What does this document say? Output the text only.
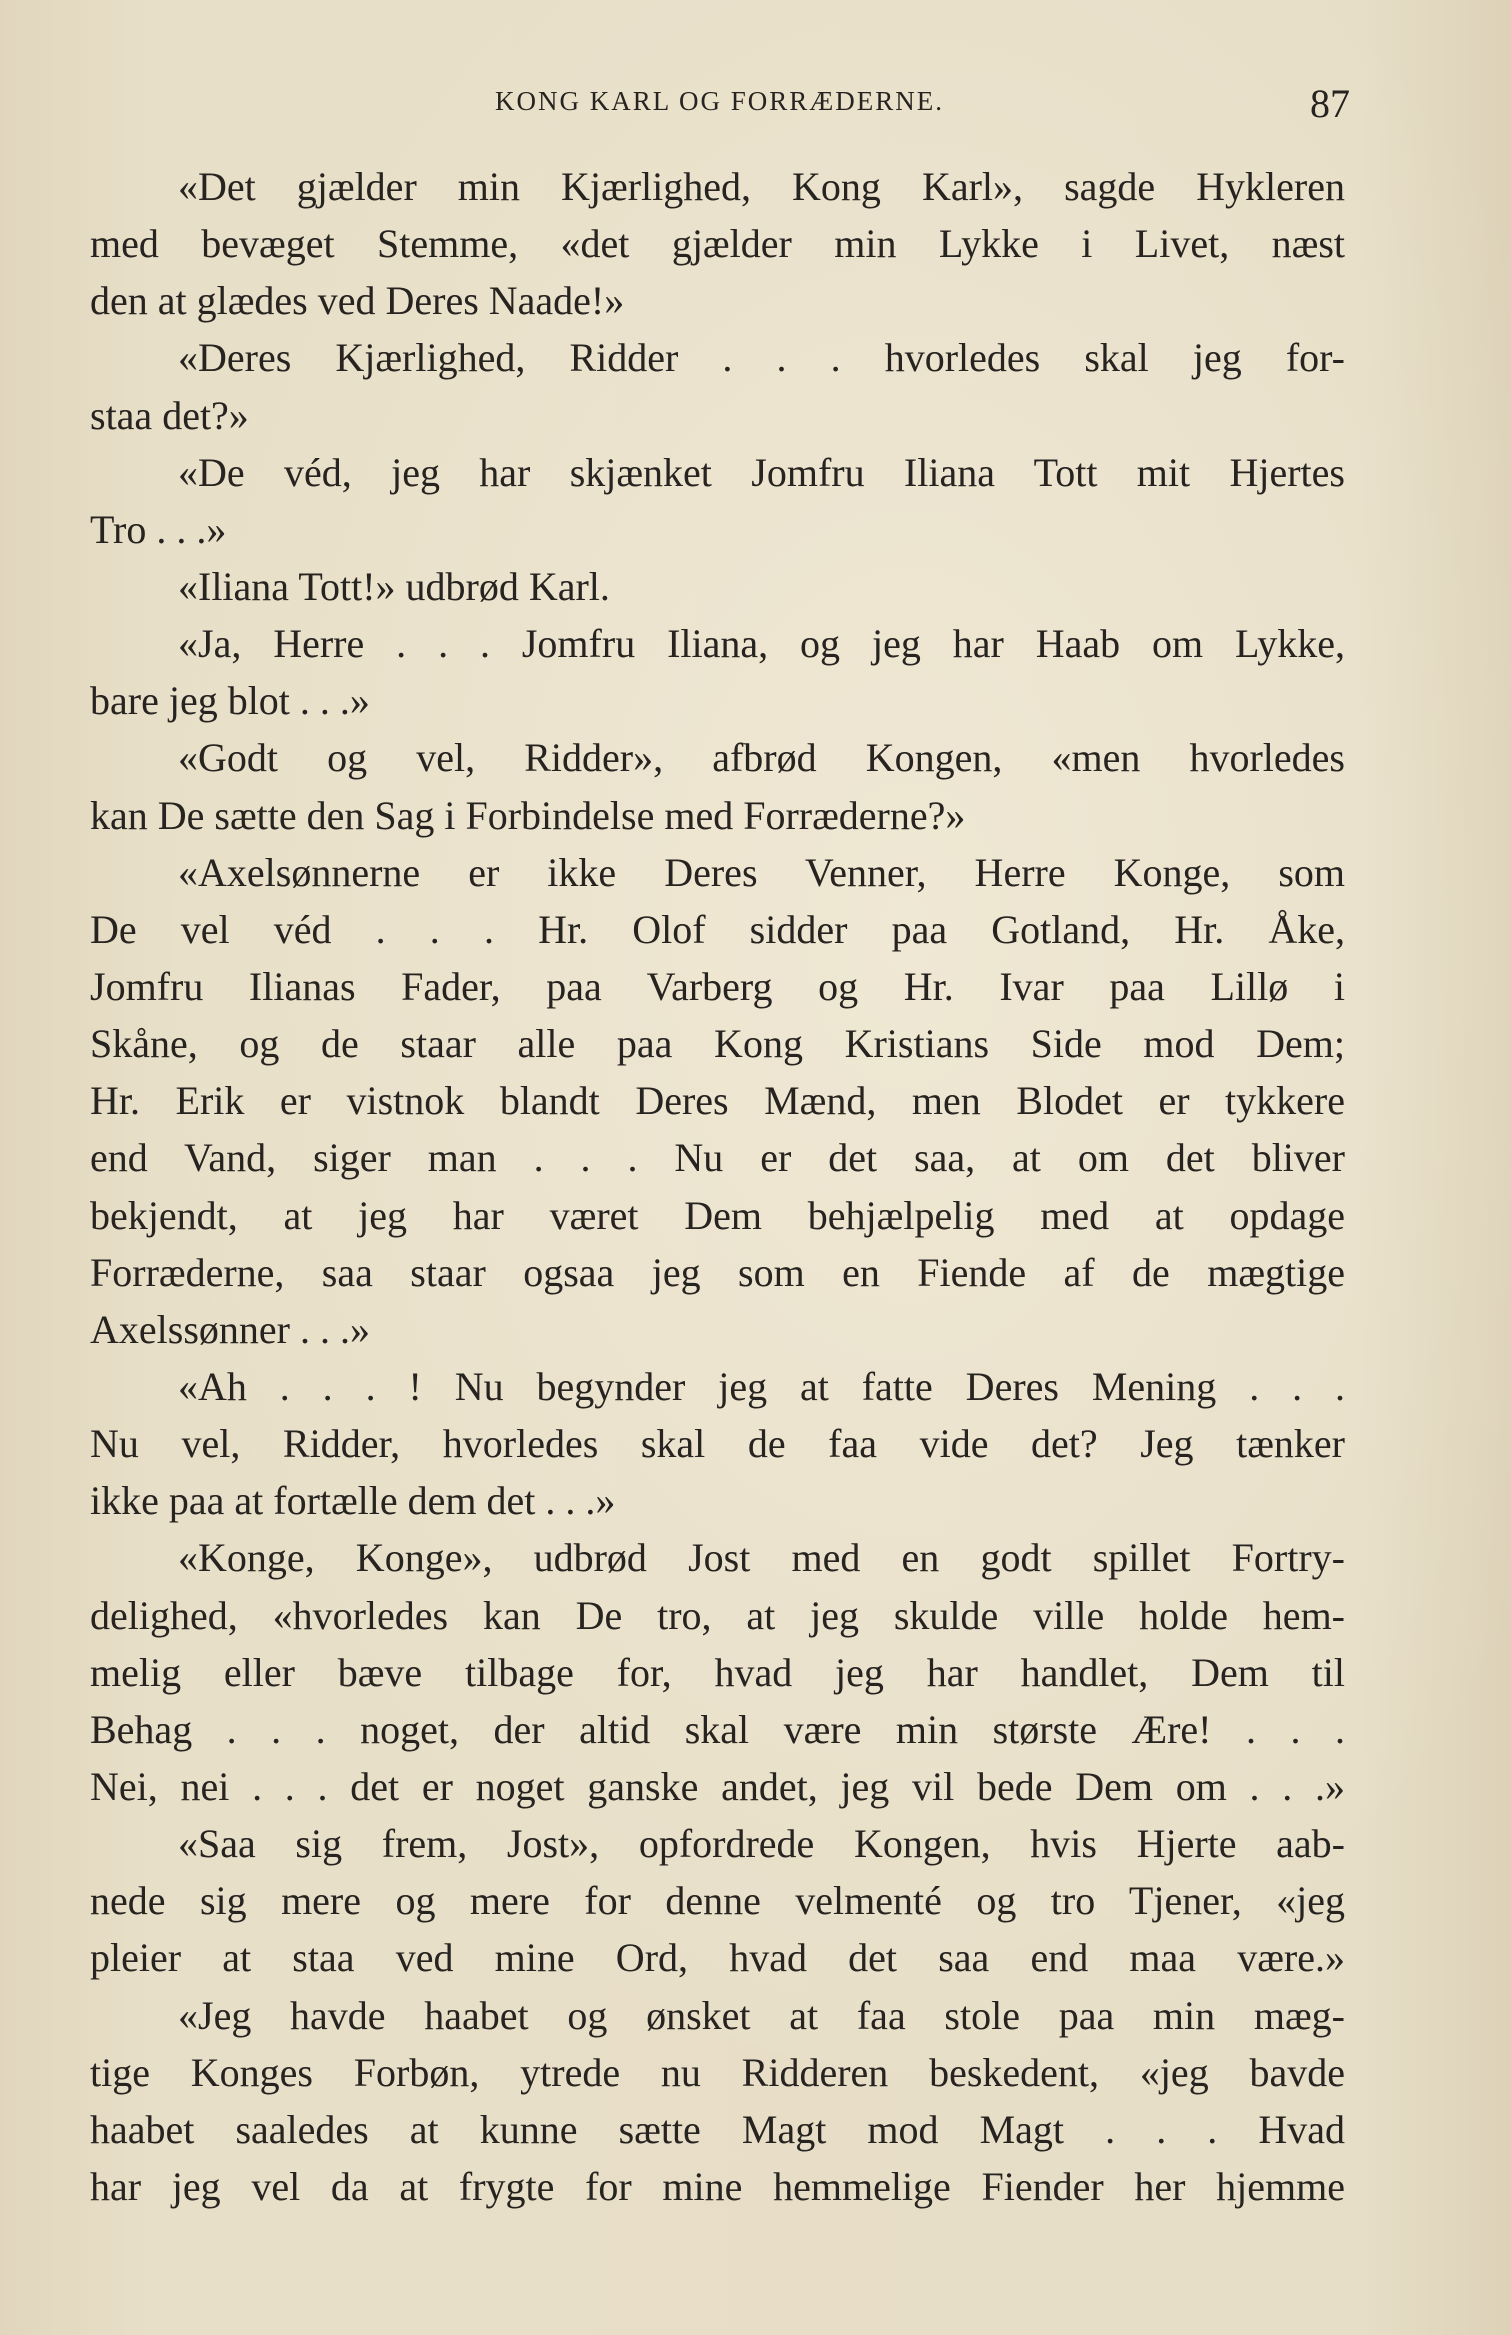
KONG KARL OG FORRÆDERNE.	87
«Det gjælder min Kjærlighed, Kong Karl», sagde Hykleren
med bevæget Stemme, «det gjælder min Lykke i Livet, næst
den at glædes ved Deres Naade!»
«Deres Kjærlighed, Ridder . . . hvorledes skal jeg for-
staa det?»
«De véd, jeg har skjænket Jomfru Iliana Tott mit Hjertes
Tro . . .»
«Iliana Tott!» udbrød Karl.
«Ja, Herre . . . Jomfru Iliana, og jeg har Haab om Lykke,
bare jeg blot . . .»
«Godt og vel, Ridder», afbrød Kongen, «men hvorledes
kan De sætte den Sag i Forbindelse med Forræderne?»
«Axelsønnerne er ikke Deres Venner, Herre Konge, som
De vel véd . . . Hr. Olof sidder paa Gotland, Hr. Åke,
Jomfru Ilianas Fader, paa Varberg og Hr. Ivar paa Lillø i
Skåne, og de staar alle paa Kong Kristians Side mod Dem;
Hr. Erik er vistnok blandt Deres Mænd, men Blodet er tykkere
end Vand, siger man . . . Nu er det saa, at om det bliver
bekjendt, at jeg har været Dem behjælpelig med at opdage
Forræderne, saa staar ogsaa jeg som en Fiende af de mægtige
Axelssønner . . .»
«Ah . . . ! Nu begynder jeg at fatte Deres Mening . . .
Nu vel, Ridder, hvorledes skal de faa vide det? Jeg tænker
ikke paa at fortælle dem det . . .»
«Konge, Konge», udbrød Jost med en godt spillet Fortry-
delighed, «hvorledes kan De tro, at jeg skulde ville holde hem-
melig eller bæve tilbage for, hvad jeg har handlet, Dem til
Behag . . . noget, der altid skal være min største Ære! . . .
Nei, nei . . . det er noget ganske andet, jeg vil bede Dem om . . .»
«Saa sig frem, Jost», opfordrede Kongen, hvis Hjerte aab-
nede sig mere og mere for denne velmenté og tro Tjener, «jeg
pleier at staa ved mine Ord, hvad det saa end maa være.»
«Jeg havde haabet og ønsket at faa stole paa min mæg-
tige Konges Forbøn, ytrede nu Ridderen beskedent, «jeg bavde
haabet saaledes at kunne sætte Magt mod Magt . . . Hvad
har jeg vel da at frygte for mine hemmelige Fiender her hjemme
